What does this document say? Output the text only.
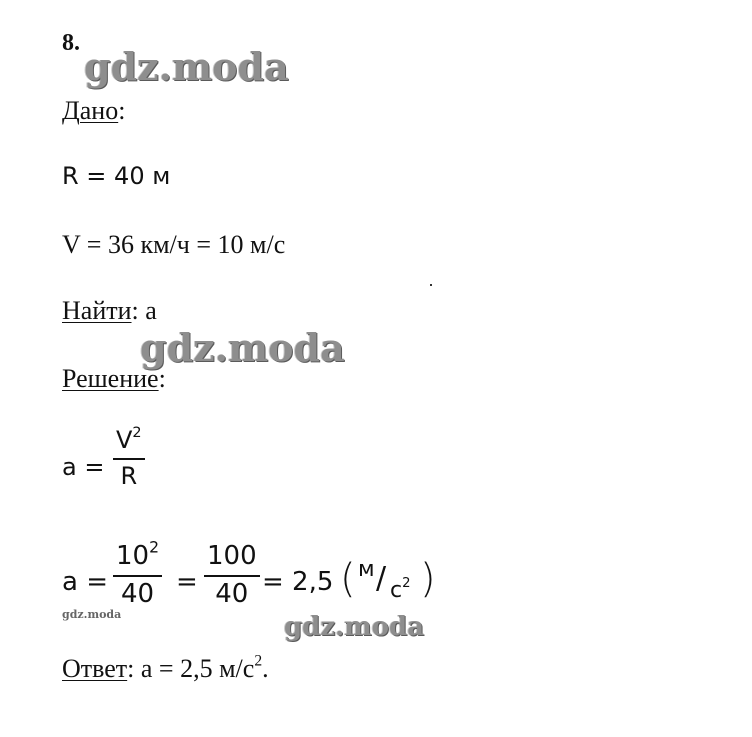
8.
gdz.moda
gdz.moda
gdz.moda	gdz.moda
Дано:
R = 40 м
V = 36 км/ч = 10 м/с
Найти: a
Решение:
a =
$V^2$
R
a =
$10^2$
40 =
100
40 = 2,5 ( м / $с^2$ )
Ответ: a = 2,5 $м/с^2$.
